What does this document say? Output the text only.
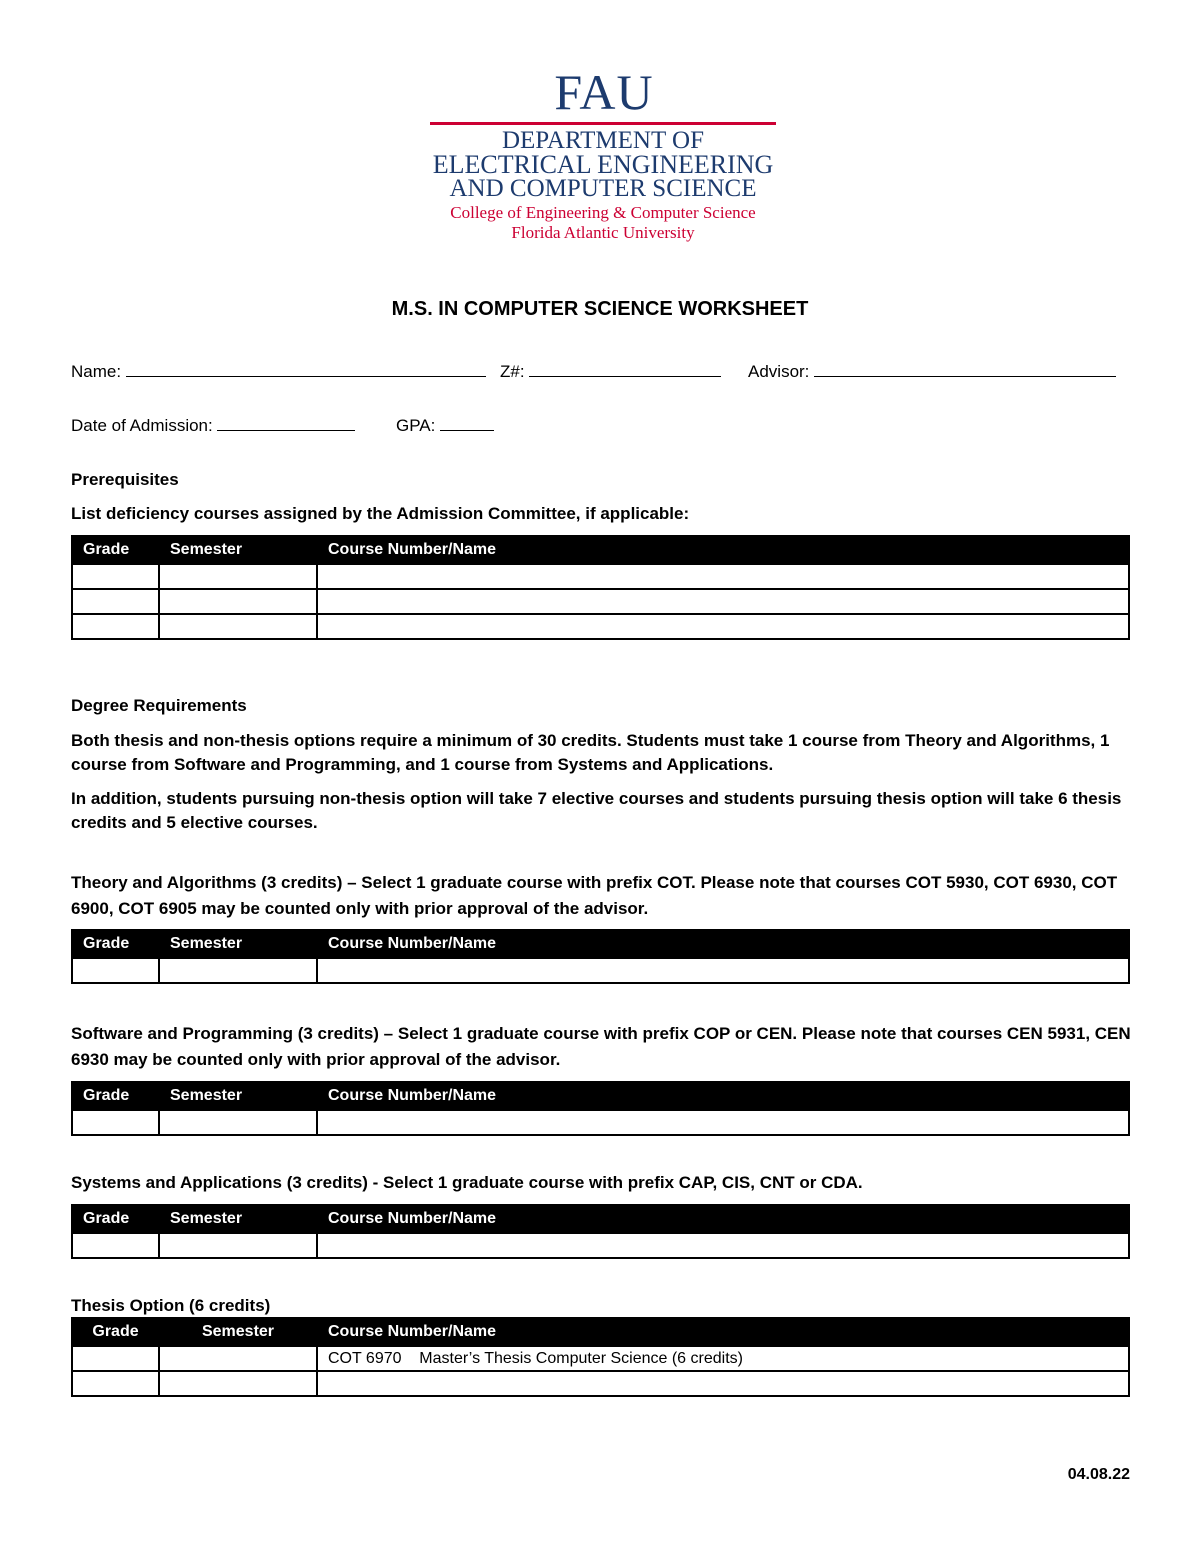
FAU
DEPARTMENT OF
ELECTRICAL ENGINEERING
AND COMPUTER SCIENCE
College of Engineering & Computer Science
Florida Atlantic University
M.S. IN COMPUTER SCIENCE WORKSHEET
Name:	Z#:	Advisor:
Date of Admission:	GPA:
Prerequisites
List deficiency courses assigned by the Admission Committee, if applicable:
Grade	Semester	Course Number/Name

Degree Requirements
Both thesis and non-thesis options require a minimum of 30 credits. Students must take 1 course from Theory and Algorithms, 1 course from Software and Programming, and 1 course from Systems and Applications.
In addition, students pursuing non-thesis option will take 7 elective courses and students pursuing thesis option will take 6 thesis credits and 5 elective courses.
Theory and Algorithms (3 credits) – Select 1 graduate course with prefix COT. Please note that courses COT 5930, COT 6930, COT 6900, COT 6905 may be counted only with prior approval of the advisor.
Grade	Semester	Course Number/Name

Software and Programming (3 credits) – Select 1 graduate course with prefix COP or CEN. Please note that courses CEN 5931, CEN 6930 may be counted only with prior approval of the advisor.
Grade	Semester	Course Number/Name

Systems and Applications (3 credits) - Select 1 graduate course with prefix CAP, CIS, CNT or CDA.
Grade	Semester	Course Number/Name

Thesis Option (6 credits)
Grade	Semester	Course Number/Name
		COT 6970    Master’s Thesis Computer Science (6 credits)

04.08.22
